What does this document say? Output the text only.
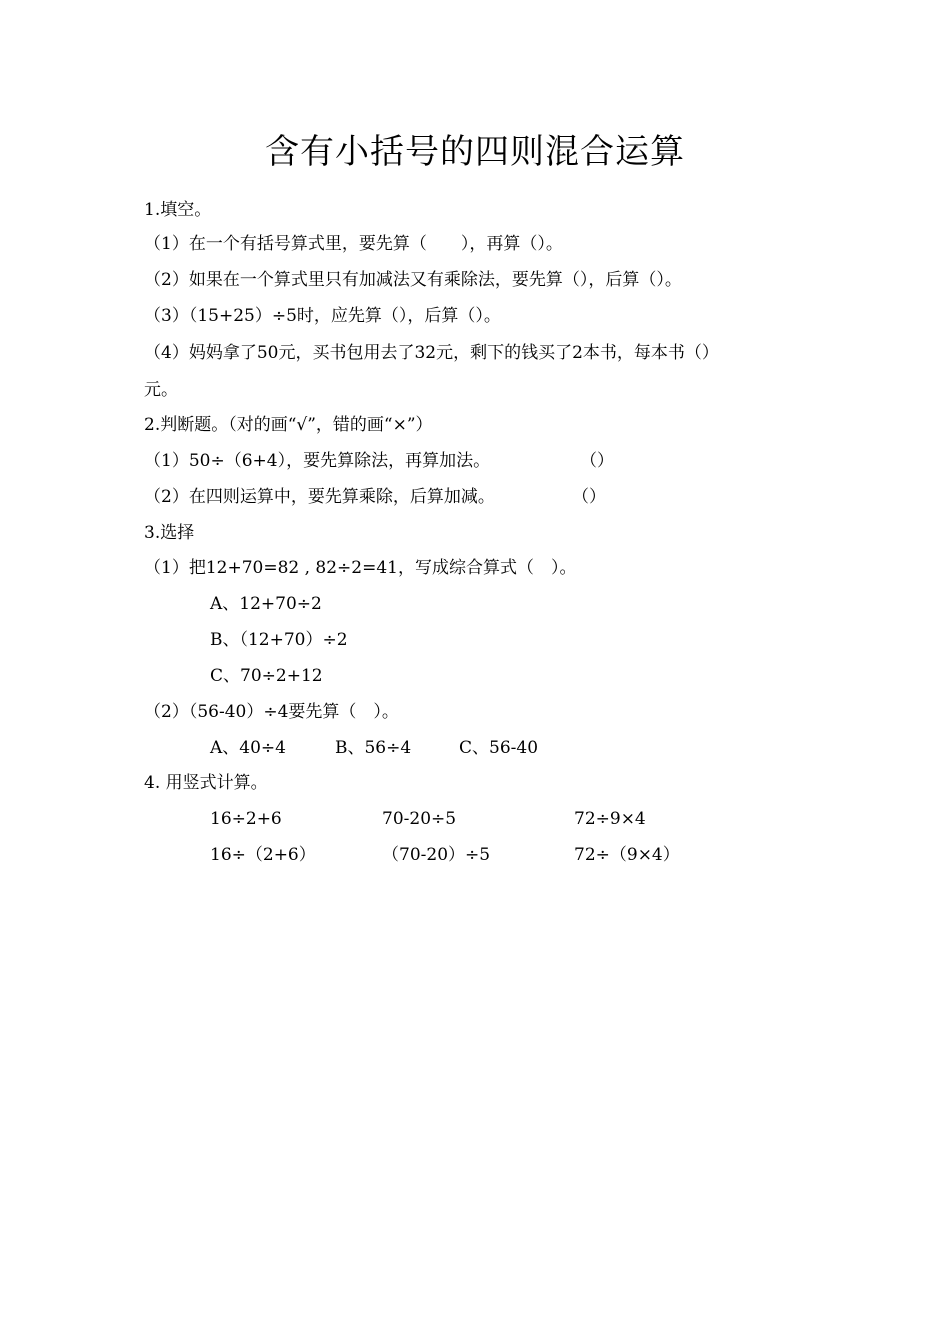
含有小括号的四则混合运算
1.填空。
（1）在一个有括号算式里，要先算（　　），再算（）。
（2）如果在一个算式里只有加减法又有乘除法，要先算（），后算（）。
（3）（15+25）÷5时，应先算（），后算（）。
（4）妈妈拿了50元，买书包用去了32元，剩下的钱买了2本书，每本书（）
元。
2.判断题。（对的画“√”，错的画“×”）
（1）50÷（6+4），要先算除法，再算加法。	（）
（2）在四则运算中，要先算乘除，后算加减。	（）
3.选择
（1）把12+70=82 , 82÷2=41，写成综合算式（　）。
A、12+70÷2
B、（12+70）÷2
C、70÷2+12
（2）（56-40）÷4要先算（　）。
A、40÷4	B、56÷4	C、56-40
4. 用竖式计算。
16÷2+6	70-20÷5	72÷9×4
16÷（2+6）	（70-20）÷5	72÷（9×4）
